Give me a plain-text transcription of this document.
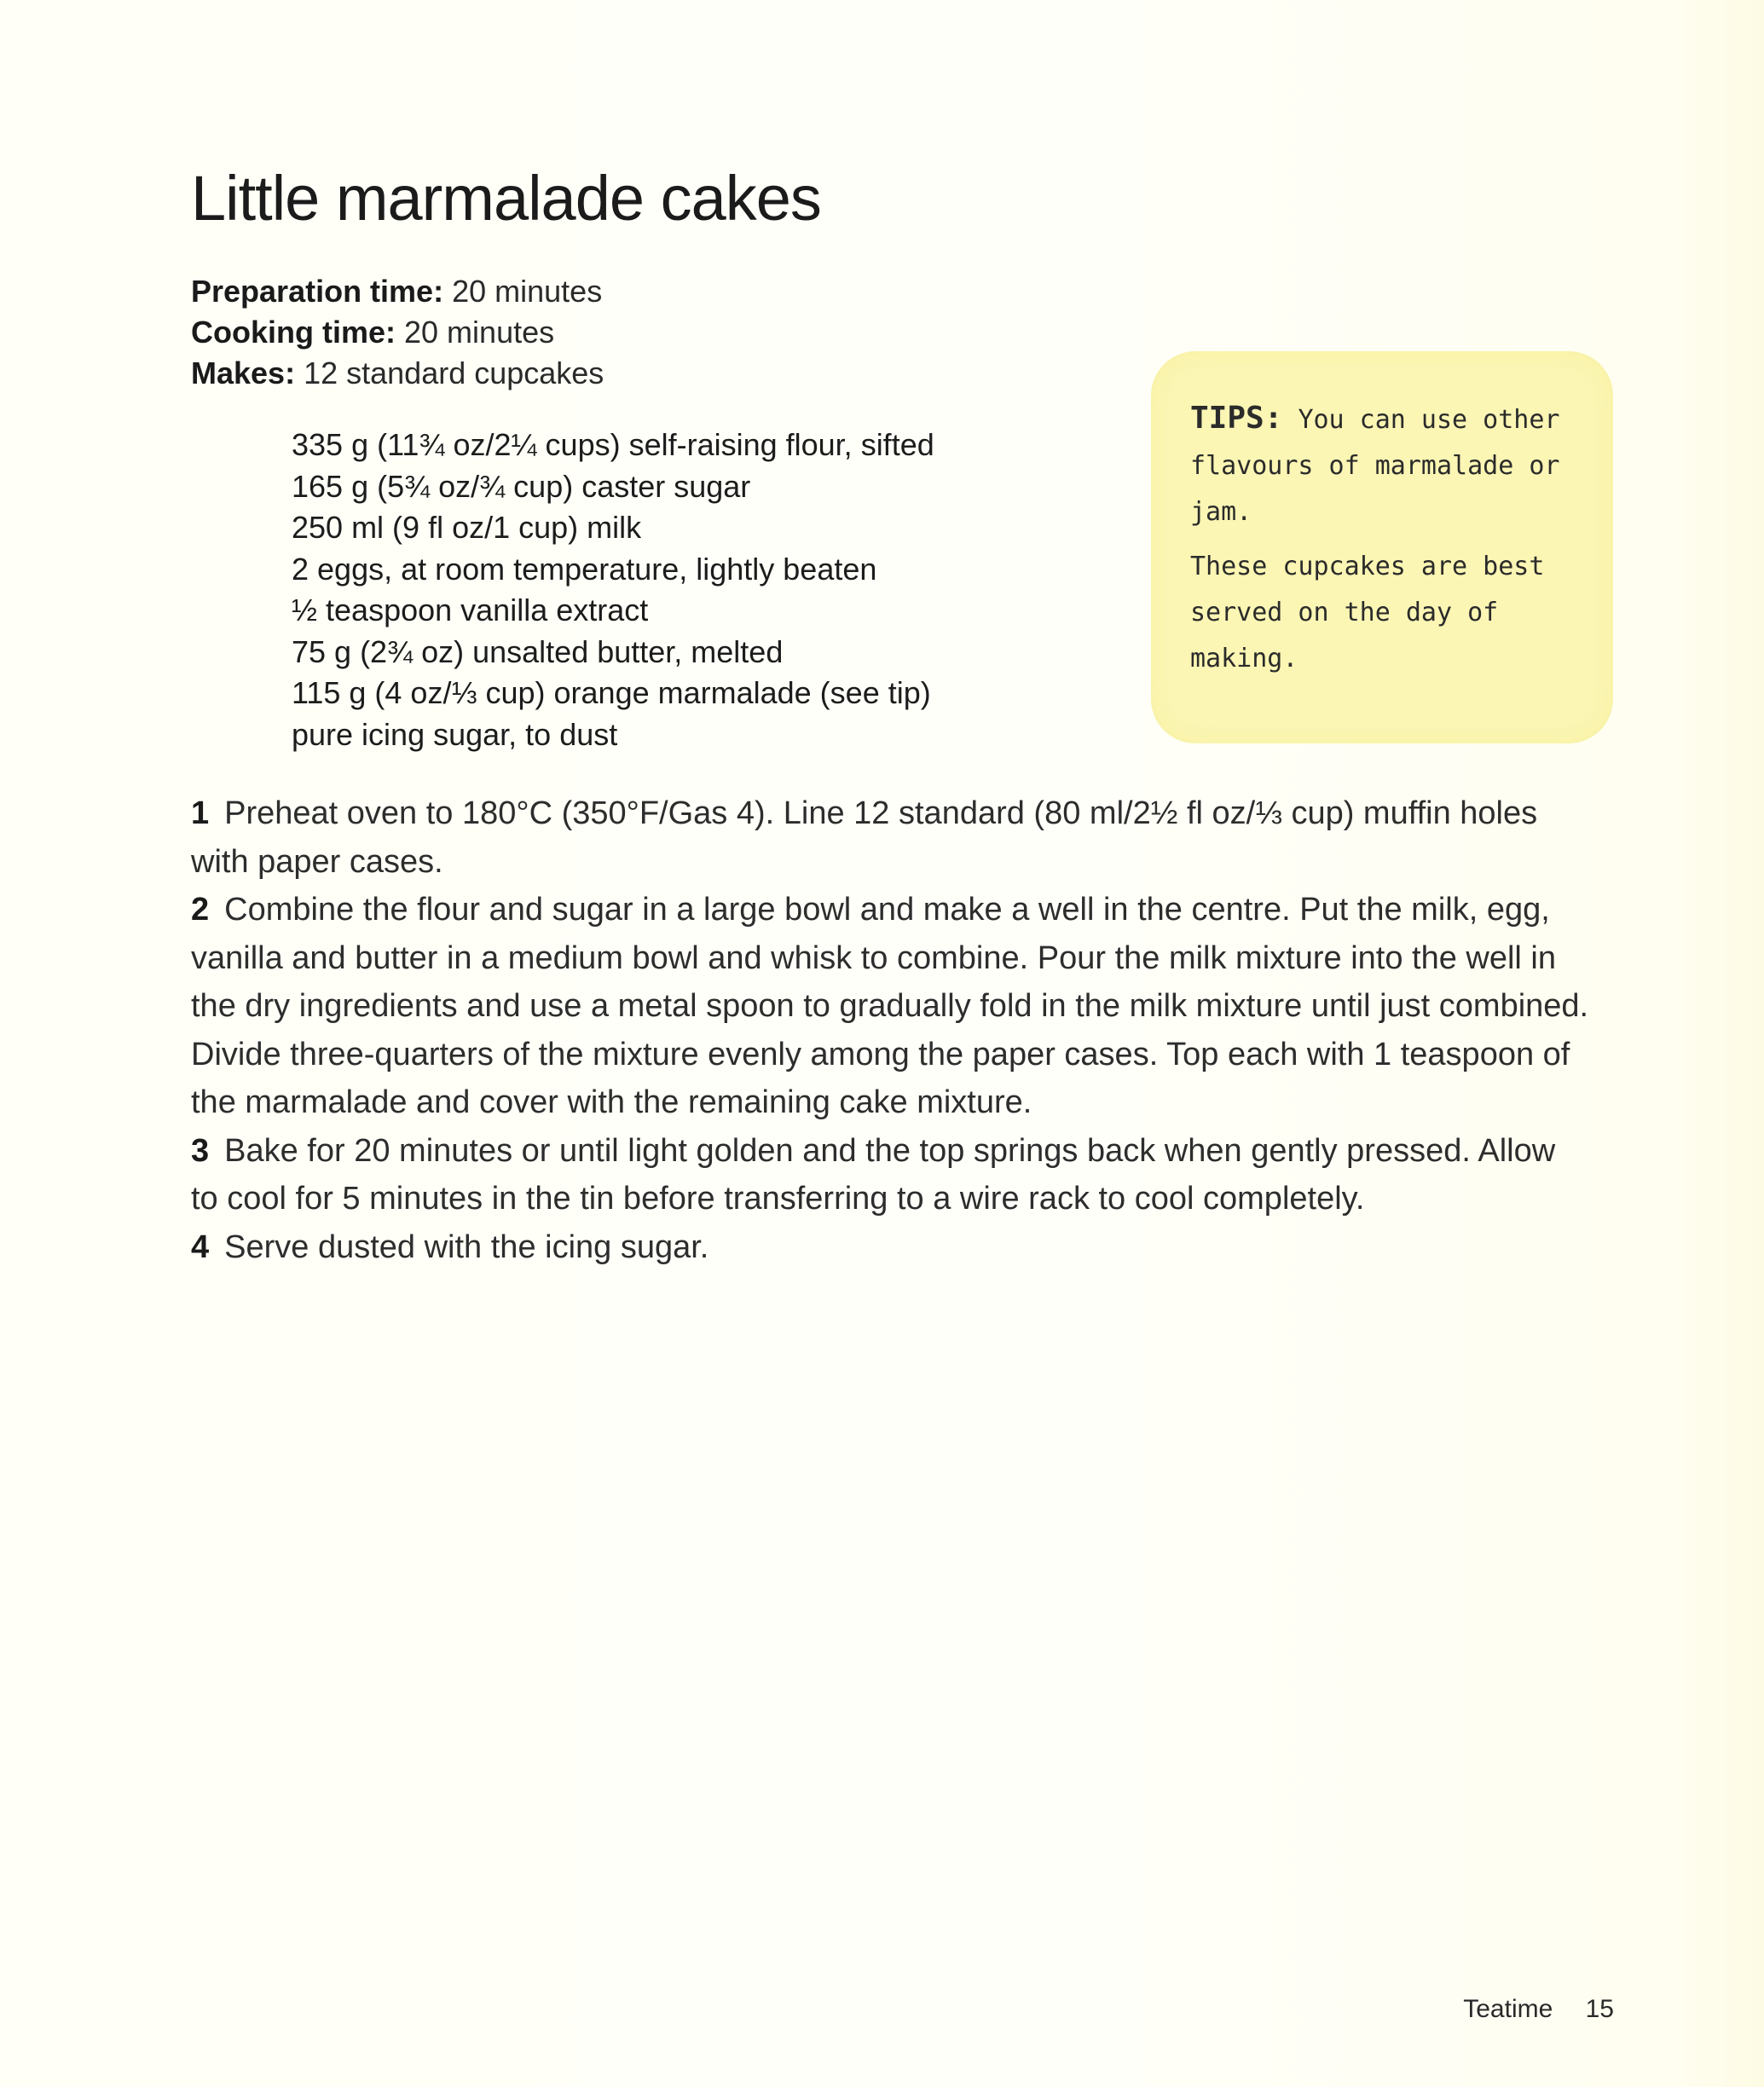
Little marmalade cakes
Preparation time: 20 minutes
Cooking time: 20 minutes
Makes: 12 standard cupcakes
335 g (11¾ oz/2¼ cups) self-raising flour, sifted
165 g (5¾ oz/¾ cup) caster sugar
250 ml (9 fl oz/1 cup) milk
2 eggs, at room temperature, lightly beaten
½ teaspoon vanilla extract
75 g (2¾ oz) unsalted butter, melted
115 g (4 oz/⅓ cup) orange marmalade (see tip)
pure icing sugar, to dust

TIPS: You can use other flavours of marmalade or jam.

These cupcakes are best served on the day of making.

1 Preheat oven to 180°C (350°F/Gas 4). Line 12 standard (80 ml/2½ fl oz/⅓ cup) muffin holes with paper cases.

2 Combine the flour and sugar in a large bowl and make a well in the centre. Put the milk, egg, vanilla and butter in a medium bowl and whisk to combine. Pour the milk mixture into the well in the dry ingredients and use a metal spoon to gradually fold in the milk mixture until just combined. Divide three-quarters of the mixture evenly among the paper cases. Top each with 1 teaspoon of the marmalade and cover with the remaining cake mixture.

3 Bake for 20 minutes or until light golden and the top springs back when gently pressed. Allow to cool for 5 minutes in the tin before transferring to a wire rack to cool completely.

4 Serve dusted with the icing sugar.

Teatime 15
